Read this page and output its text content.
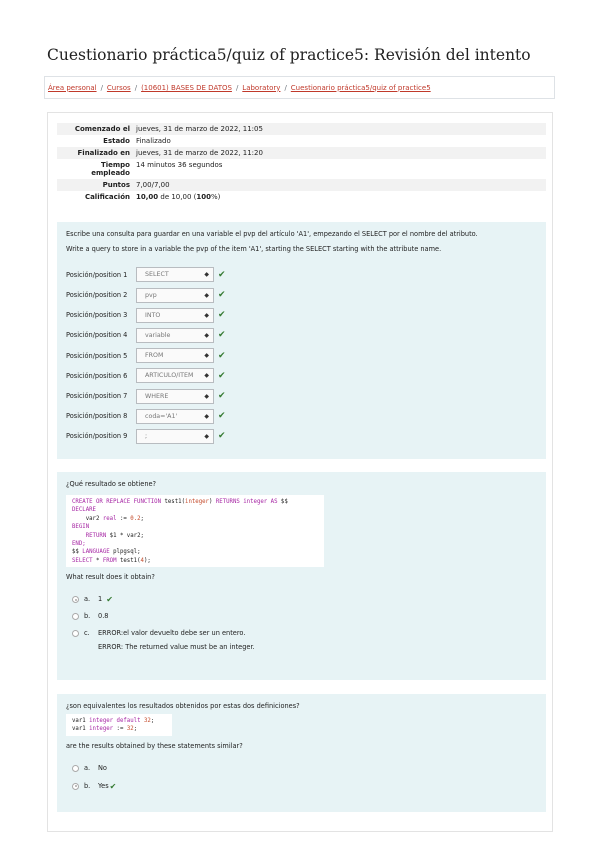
Cuestionario práctica5/quiz of practice5: Revisión del intento
Área personal / Cursos / (10601) BASES DE DATOS / Laboratory / Cuestionario práctica5/quiz of practice5
Comenzado el	jueves, 31 de marzo de 2022, 11:05
Estado	Finalizado
Finalizado en	jueves, 31 de marzo de 2022, 11:20
Tiempo empleado	14 minutos 36 segundos
Puntos	7,00/7,00
Calificación	10,00 de 10,00 (100%)

Escribe una consulta para guardar en una variable el pvp del artículo 'A1', empezando el SELECT por el nombre del atributo.

Write a query to store in a variable the pvp of the item 'A1', starting the SELECT starting with the attribute name.

Posición/position 1	SELECT	◆ ✔
Posición/position 2	pvp	◆ ✔
Posición/position 3	INTO	◆ ✔
Posición/position 4	variable	◆ ✔
Posición/position 5	FROM	◆ ✔
Posición/position 6	ARTICULO/ITEM ◆ ✔
Posición/position 7	WHERE	◆ ✔
Posición/position 8	coda='A1'	◆ ✔
Posición/position 9	;	◆ ✔

¿Qué resultado se obtiene?

CREATE OR REPLACE FUNCTION test1(integer) RETURNS integer AS $$
DECLARE
var2 real := 0.2;
BEGIN
RETURN $1 * var2;
END;
$$ LANGUAGE plpgsql;
SELECT * FROM test1(4);

What result does it obtain?

a.	1 ✔
b.	0.8
c.	ERROR:el valor devuelto debe ser un entero.
ERROR: The returned value must be an integer.

¿son equivalentes los resultados obtenidos por estas dos definiciones?

var1 integer default 32;
var1 integer := 32;

are the results obtained by these statements similar?

a.	No
b.	Yes ✔
